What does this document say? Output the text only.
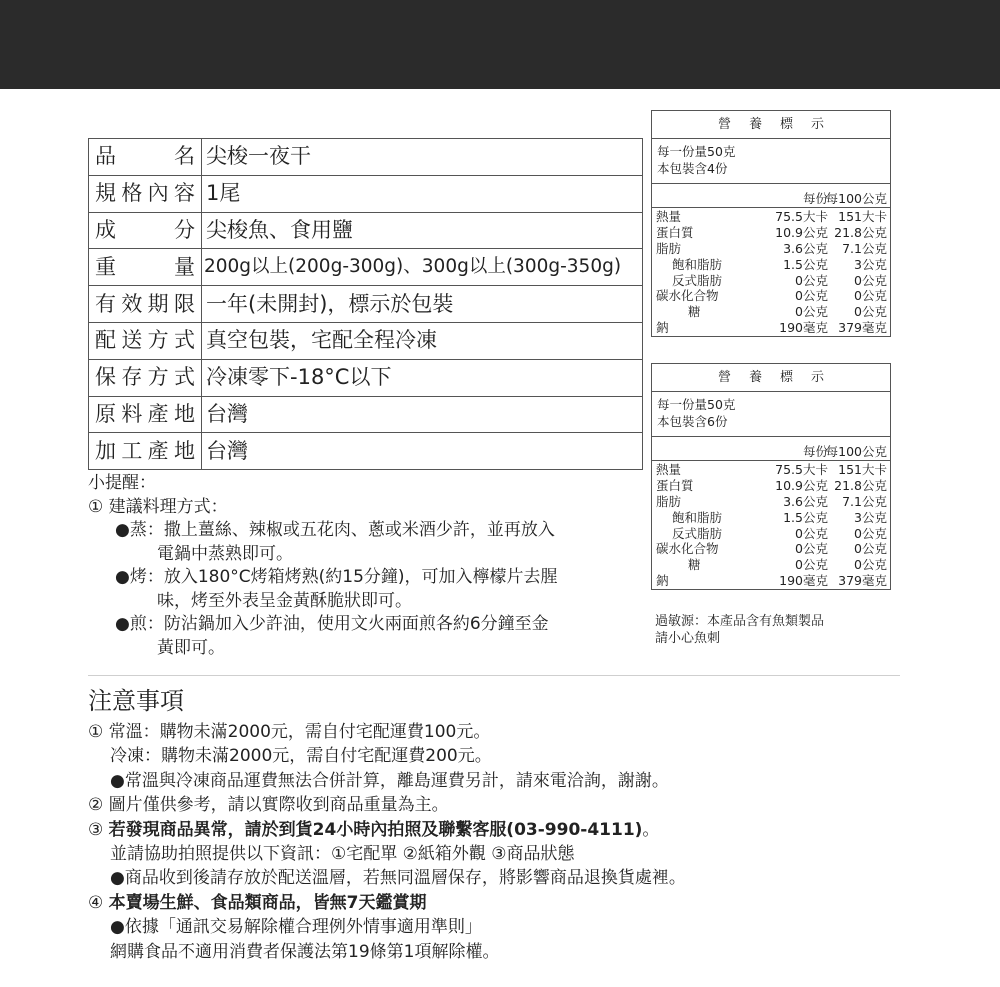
品名	尖梭一夜干
規格內容	1尾
成分	尖梭魚、食用鹽
重量	200g以上(200g-300g)、300g以上(300g-350g)
有效期限	一年(未開封)，標示於包裝
配送方式	真空包裝，宅配全程冷凍
保存方式	冷凍零下-18°C以下
原料產地	台灣
加工產地	台灣
營養標示
每一份量50克
本包裝含4份
每份
每100公克
熱量	75.5大卡 151大卡
蛋白質	10.9公克 21.8公克
脂肪	3.6公克 7.1公克
飽和脂肪	1.5公克 3公克
反式脂肪	0公克 0公克
碳水化合物	0公克 0公克
糖	0公克 0公克
鈉	190毫克 379毫克
營養標示
每一份量50克
本包裝含6份
每份
每100公克
熱量	75.5大卡 151大卡
蛋白質	10.9公克 21.8公克
脂肪	3.6公克 7.1公克
飽和脂肪	1.5公克 3公克
反式脂肪	0公克 0公克
碳水化合物	0公克 0公克
糖	0公克 0公克
鈉	190毫克 379毫克
過敏源：本產品含有魚類製品
請小心魚刺
小提醒：
① 建議料理方式：
●蒸：撒上薑絲、辣椒或五花肉、蔥或米酒少許，並再放入
電鍋中蒸熟即可。
●烤：放入180°C烤箱烤熟(約15分鐘)，可加入檸檬片去腥
味，烤至外表呈金黃酥脆狀即可。
●煎：防沾鍋加入少許油，使用文火兩面煎各約6分鐘至金
黃即可。
注意事項
① 常溫：購物未滿2000元，需自付宅配運費100元。
冷凍：購物未滿2000元，需自付宅配運費200元。
●常溫與冷凍商品運費無法合併計算，離島運費另計，請來電洽詢，謝謝。
② 圖片僅供參考，請以實際收到商品重量為主。
③ 若發現商品異常，請於到貨24小時內拍照及聯繫客服(03-990-4111)。
並請協助拍照提供以下資訊：①宅配單 ②紙箱外觀 ③商品狀態
●商品收到後請存放於配送溫層，若無同溫層保存，將影響商品退換貨處裡。
④ 本賣場生鮮、食品類商品，皆無7天鑑賞期
●依據「通訊交易解除權合理例外情事適用準則」
網購食品不適用消費者保護法第19條第1項解除權。
